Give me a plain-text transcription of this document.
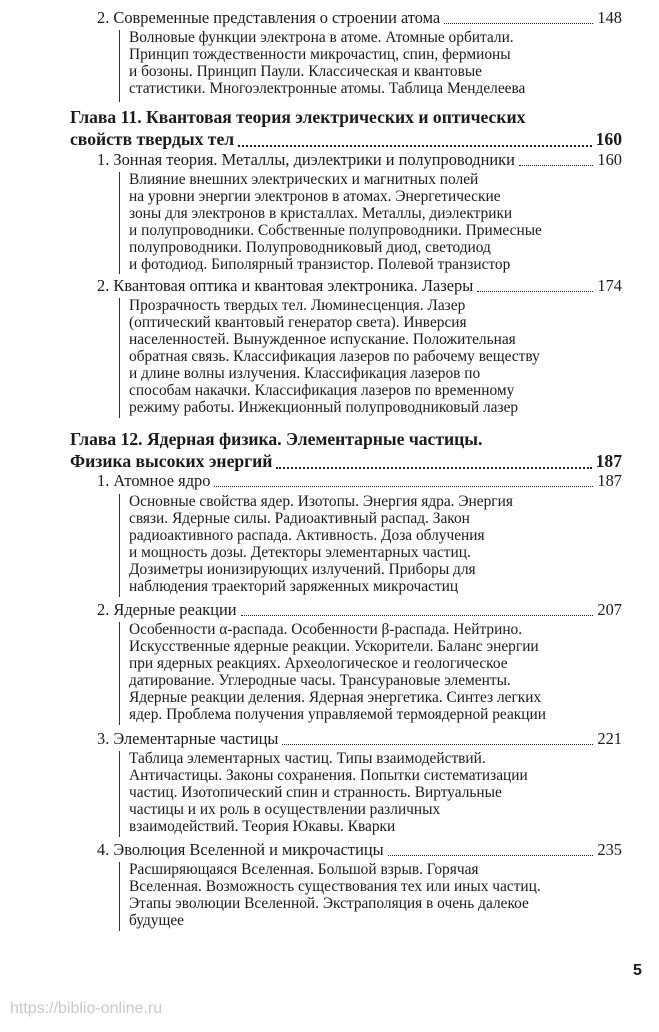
2. Современные представления о строении атома	148
Волновые функции электрона в атоме. Атомные орбитали.
Принцип тождественности микрочастиц, спин, фермионы
и бозоны. Принцип Паули. Классическая и квантовые
статистики. Многоэлектронные атомы. Таблица Менделеева
Глава 11. Квантовая теория электрических и оптических
свойств твердых тел	160
1. Зонная теория. Металлы, диэлектрики и полупроводники	160
Влияние внешних электрических и магнитных полей
на уровни энергии электронов в атомах. Энергетические
зоны для электронов в кристаллах. Металлы, диэлектрики
и полупроводники. Собственные полупроводники. Примесные
полупроводники. Полупроводниковый диод, светодиод
и фотодиод. Биполярный транзистор. Полевой транзистор
2. Квантовая оптика и квантовая электроника. Лазеры	174
Прозрачность твердых тел. Люминесценция. Лазер
(оптический квантовый генератор света). Инверсия
населенностей. Вынужденное испускание. Положительная
обратная связь. Классификация лазеров по рабочему веществу
и длине волны излучения. Классификация лазеров по
способам накачки. Классификация лазеров по временному
режиму работы. Инжекционный полупроводниковый лазер
Глава 12. Ядерная физика. Элементарные частицы.
Физика высоких энергий	187
1. Атомное ядро	187
Основные свойства ядер. Изотопы. Энергия ядра. Энергия
связи. Ядерные силы. Радиоактивный распад. Закон
радиоактивного распада. Активность. Доза облучения
и мощность дозы. Детекторы элементарных частиц.
Дозиметры ионизирующих излучений. Приборы для
наблюдения траекторий заряженных микрочастиц
2. Ядерные реакции	207
Особенности α-распада. Особенности β-распада. Нейтрино.
Искусственные ядерные реакции. Ускорители. Баланс энергии
при ядерных реакциях. Археологическое и геологическое
датирование. Углеродные часы. Трансурановые элементы.
Ядерные реакции деления. Ядерная энергетика. Синтез легких
ядер. Проблема получения управляемой термоядерной реакции
3. Элементарные частицы	221
Таблица элементарных частиц. Типы взаимодействий.
Античастицы. Законы сохранения. Попытки систематизации
частиц. Изотопический спин и странность. Виртуальные
частицы и их роль в осуществлении различных
взаимодействий. Теория Юкавы. Кварки
4. Эволюция Вселенной и микрочастицы	235
Расширяющаяся Вселенная. Большой взрыв. Горячая
Вселенная. Возможность существования тех или иных частиц.
Этапы эволюции Вселенной. Экстраполяция в очень далекое
будущее
5
https://biblio-online.ru
